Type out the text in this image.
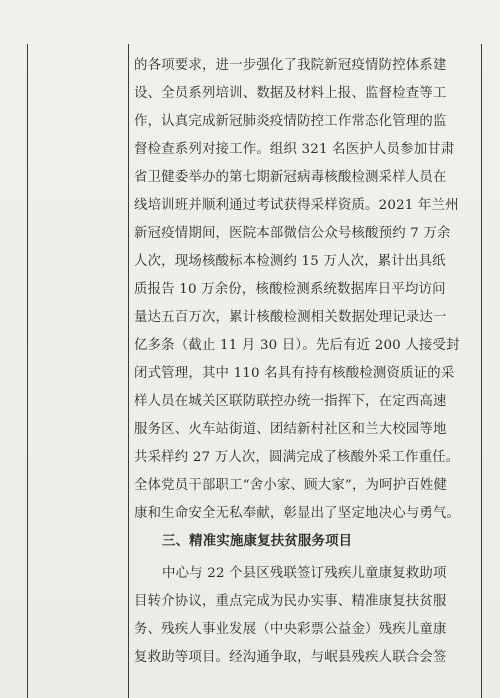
的各项要求，进一步强化了我院新冠疫情防控体系建
设、全员系列培训、数据及材料上报、监督检查等工
作，认真完成新冠肺炎疫情防控工作常态化管理的监
督检查系列对接工作。组织 321 名医护人员参加甘肃
省卫健委举办的第七期新冠病毒核酸检测采样人员在
线培训班并顺利通过考试获得采样资质。2021 年兰州
新冠疫情期间，医院本部微信公众号核酸预约 7 万余
人次，现场核酸标本检测约 15 万人次，累计出具纸
质报告 10 万余份，核酸检测系统数据库日平均访问
量达五百万次，累计核酸检测相关数据处理记录达一
亿多条（截止 11 月 30 日）。先后有近 200 人接受封
闭式管理，其中 110 名具有持有核酸检测资质证的采
样人员在城关区联防联控办统一指挥下，在定西高速
服务区、火车站街道、团结新村社区和兰大校园等地
共采样约 27 万人次，圆满完成了核酸外采工作重任。
全体党员干部职工“舍小家、顾大家”，为呵护百姓健
康和生命安全无私奉献，彰显出了坚定地决心与勇气。
三、精准实施康复扶贫服务项目
中心与 22 个县区残联签订残疾儿童康复救助项
目转介协议，重点完成为民办实事、精准康复扶贫服
务、残疾人事业发展（中央彩票公益金）残疾儿童康
复救助等项目。经沟通争取，与岷县残疾人联合会签
